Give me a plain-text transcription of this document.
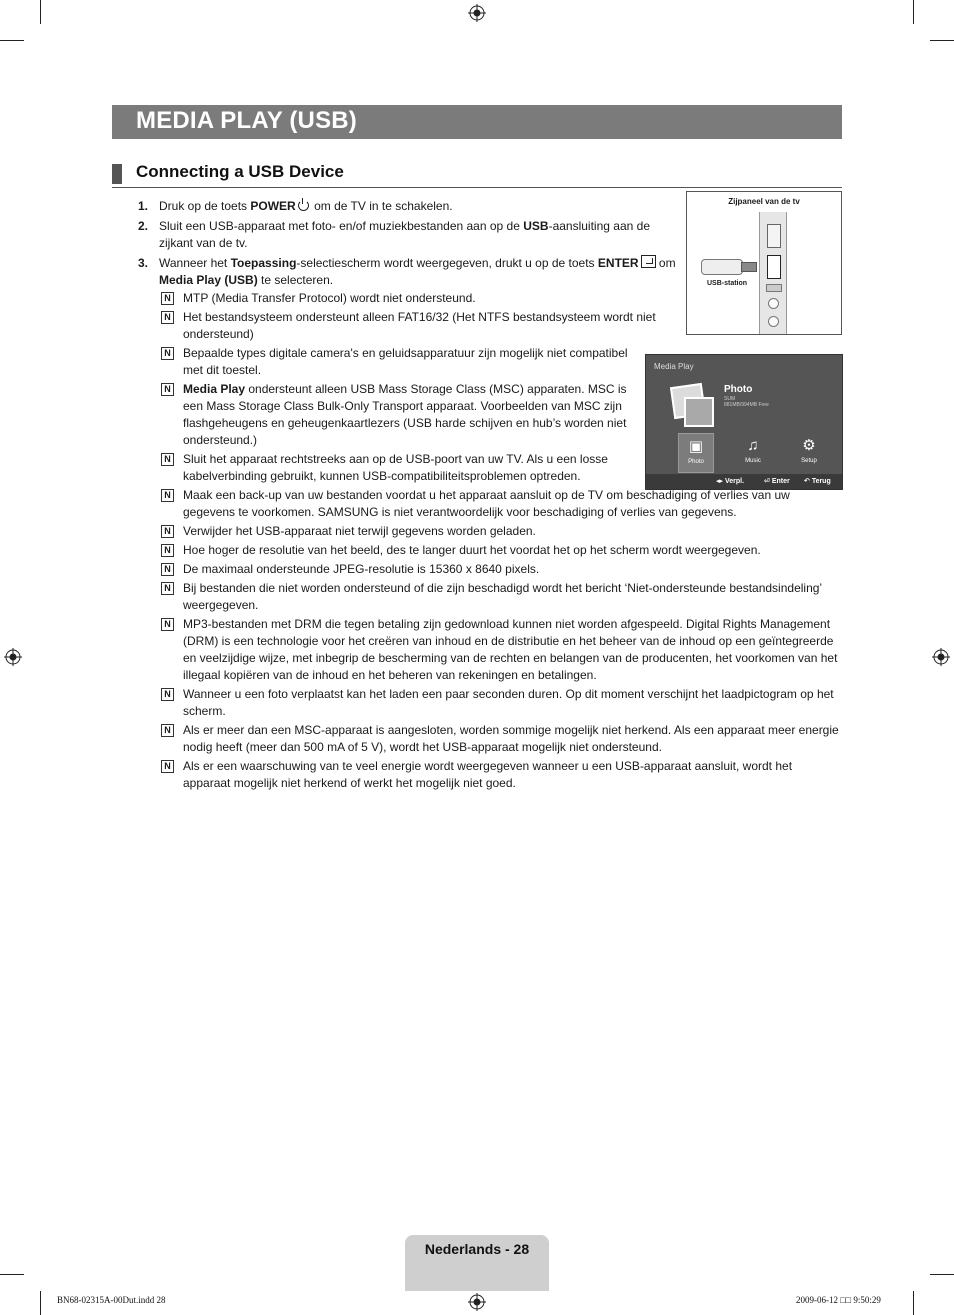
MEDIA PLAY (USB)
Connecting a USB Device
Zijpaneel van de tv
USB-station
Media Play
Photo
SUM
881MB/994MB Free
▣
Photo
♫
Music
⚙
Setup
◂▸ Verpl.	⏎ Enter ↶ Terug
1. Druk op de toets POWER om de TV in te schakelen.
2. Sluit een USB-apparaat met foto- en/of muziekbestanden aan op de USB-aansluiting aan de zijkant van de tv.
3. Wanneer het Toepassing-selectiescherm wordt weergegeven, drukt u op de toets ENTER om Media Play (USB) te selecteren.
N MTP (Media Transfer Protocol) wordt niet ondersteund.
N Het bestandsysteem ondersteunt alleen FAT16/32 (Het NTFS bestandsysteem wordt niet ondersteund)
N Bepaalde types digitale camera's en geluidsapparatuur zijn mogelijk niet compatibel met dit toestel.
N Media Play ondersteunt alleen USB Mass Storage Class (MSC) apparaten. MSC is een Mass Storage Class Bulk-Only Transport apparaat. Voorbeelden van MSC zijn flashgeheugens en geheugenkaartlezers (USB harde schijven en hub’s worden niet ondersteund.)
N Sluit het apparaat rechtstreeks aan op de USB-poort van uw TV. Als u een losse kabelverbinding gebruikt, kunnen USB-compatibiliteitsproblemen optreden.
N Maak een back-up van uw bestanden voordat u het apparaat aansluit op de TV om beschadiging of verlies van uw gegevens te voorkomen. SAMSUNG is niet verantwoordelijk voor beschadiging of verlies van gegevens.
N Verwijder het USB-apparaat niet terwijl gegevens worden geladen.
N Hoe hoger de resolutie van het beeld, des te langer duurt het voordat het op het scherm wordt weergegeven.
N De maximaal ondersteunde JPEG-resolutie is 15360 x 8640 pixels.
N Bij bestanden die niet worden ondersteund of die zijn beschadigd wordt het bericht ‘Niet-ondersteunde bestandsindeling’ weergegeven.
N MP3-bestanden met DRM die tegen betaling zijn gedownload kunnen niet worden afgespeeld. Digital Rights Management (DRM) is een technologie voor het creëren van inhoud en de distributie en het beheer van de inhoud op een geïntegreerde en veelzijdige wijze, met inbegrip de bescherming van de rechten en belangen van de producenten, het voorkomen van het illegaal kopiëren van de inhoud en het beheren van rekeningen en betalingen.
N Wanneer u een foto verplaatst kan het laden een paar seconden duren. Op dit moment verschijnt het laadpictogram op het scherm.
N Als er meer dan een MSC-apparaat is aangesloten, worden sommige mogelijk niet herkend. Als een apparaat meer energie nodig heeft (meer dan 500 mA of 5 V), wordt het USB-apparaat mogelijk niet ondersteund.
N Als er een waarschuwing van te veel energie wordt weergegeven wanneer u een USB-apparaat aansluit, wordt het apparaat mogelijk niet herkend of werkt het mogelijk niet goed.
Nederlands - 28
BN68-02315A-00Dut.indd 28	2009-06-12 □□ 9:50:29
